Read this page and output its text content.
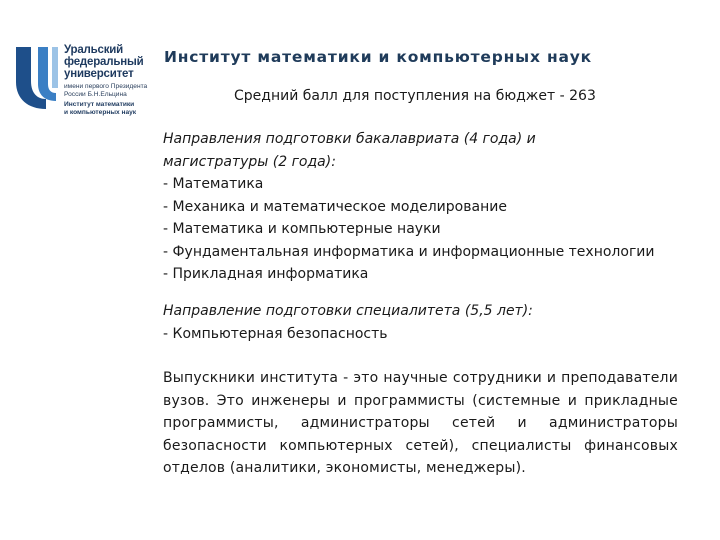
Уральский
федеральный
университет
имени первого Президента
России Б.Н.Ельцина
Институт математики
и компьютерных наук
Институт математики и компьютерных наук
Средний балл для поступления на бюджет - 263
Направления подготовки бакалавриата (4 года) и
магистратуры (2 года):
- Математика
- Механика и математическое моделирование
- Математика и компьютерные науки
- Фундаментальная информатика и информационные технологии
- Прикладная информатика
Направление подготовки специалитета (5,5 лет):
- Компьютерная безопасность
Выпускники института - это научные сотрудники и преподаватели вузов. Это инженеры и программисты (системные и прикладные программисты, администраторы сетей и администраторы безопасности компьютерных сетей), специалисты финансовых отделов (аналитики, экономисты, менеджеры).
